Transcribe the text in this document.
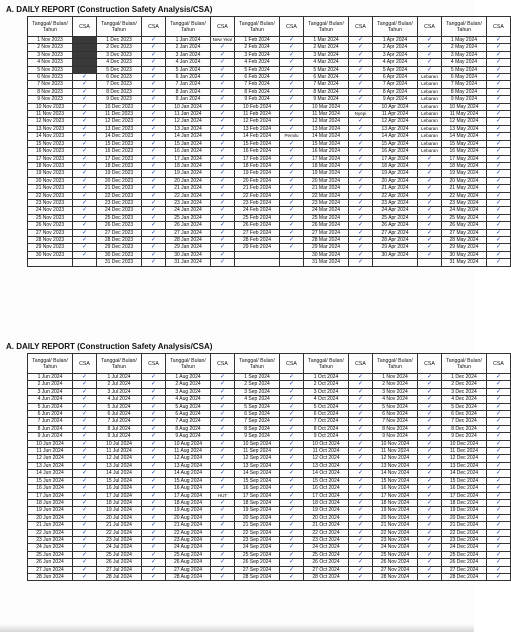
A. DAILY REPORT (Construction Safety Analysis/CSA)
Tanggal/ Bulan/ Tahun	CSA	Tanggal/ Bulan/ Tahun	CSA	Tanggal/ Bulan/ Tahun	CSA	Tanggal/ Bulan/ Tahun	CSA	Tanggal/ Bulan/ Tahun	CSA	Tanggal/ Bulan/ Tahun	CSA	Tanggal/ Bulan/ Tahun	CSA
1 Nov 2023		1 Dec 2023	✓	1 Jan 2024	New Year	1 Feb 2024	✓	1 Mar 2024	✓	1 Apr 2024	✓	1 May 2024	✓
2 Nov 2023		2 Dec 2023	✓	2 Jan 2024	✓	2 Feb 2024	✓	2 Mar 2024	✓	2 Apr 2024	✓	2 May 2024	✓
3 Nov 2023		3 Dec 2023	✓	3 Jan 2024	✓	3 Feb 2024	✓	3 Mar 2024	✓	3 Apr 2024	✓	3 May 2024	✓
4 Nov 2023		4 Dec 2023	✓	4 Jan 2024	✓	4 Feb 2024	✓	4 Mar 2024	✓	4 Apr 2024	✓	4 May 2024	✓
5 Nov 2023		5 Dec 2023	✓	5 Jan 2024	✓	5 Feb 2024	✓	5 Mar 2024	✓	5 Apr 2024	✓	5 May 2024	✓
6 Nov 2023	✓	6 Dec 2023	✓	6 Jan 2024	✓	6 Feb 2024	✓	6 Mar 2024	✓	6 Apr 2024	Lebaran	6 May 2024	✓
7 Nov 2023	✓	7 Dec 2023	✓	7 Jan 2024	✓	7 Feb 2024	✓	7 Mar 2024	✓	7 Apr 2024	Lebaran	7 May 2024	✓
8 Nov 2023	✓	8 Dec 2023	✓	8 Jan 2024	✓	8 Feb 2024	✓	8 Mar 2024	✓	8 Apr 2024	Lebaran	8 May 2024	✓
9 Nov 2023	✓	9 Dec 2023	✓	9 Jan 2024	✓	9 Feb 2024	✓	9 Mar 2024	✓	9 Apr 2024	Lebaran	9 May 2024	✓
10 Nov 2023	✓	10 Dec 2023	✓	10 Jan 2024	✓	10 Feb 2024	✓	10 Mar 2024	✓	10 Apr 2024	Lebaran	10 May 2024	✓
11 Nov 2023	✓	11 Dec 2023	✓	11 Jan 2024	✓	11 Feb 2024	✓	11 Mar 2024	Nyepi	11 Apr 2024	Lebaran	11 May 2024	✓
12 Nov 2023	✓	12 Dec 2023	✓	12 Jan 2024	✓	12 Feb 2024	✓	12 Mar 2024	✓	12 Apr 2024	Lebaran	12 May 2024	✓
13 Nov 2023	✓	13 Dec 2023	✓	13 Jan 2024	✓	13 Feb 2024	✓	13 Mar 2024	✓	13 Apr 2024	Lebaran	13 May 2024	✓
14 Nov 2023	✓	14 Dec 2023	✓	14 Jan 2024	✓	14 Feb 2024	Pemilu	14 Mar 2024	✓	14 Apr 2024	Lebaran	14 May 2024	✓
15 Nov 2023	✓	15 Dec 2023	✓	15 Jan 2024	✓	15 Feb 2024	✓	15 Mar 2024	✓	15 Apr 2024	Lebaran	15 May 2024	✓
16 Nov 2023	✓	16 Dec 2023	✓	16 Jan 2024	✓	16 Feb 2024	✓	16 Mar 2024	✓	16 Apr 2024	Lebaran	16 May 2024	✓
17 Nov 2023	✓	17 Dec 2023	✓	17 Jan 2024	✓	17 Feb 2024	✓	17 Mar 2024	✓	17 Apr 2024	✓	17 May 2024	✓
18 Nov 2023	✓	18 Dec 2023	✓	18 Jan 2024	✓	18 Feb 2024	✓	18 Mar 2024	✓	18 Apr 2024	✓	18 May 2024	✓
19 Nov 2023	✓	19 Dec 2023	✓	19 Jan 2024	✓	19 Feb 2024	✓	19 Mar 2024	✓	19 Apr 2024	✓	19 May 2024	✓
20 Nov 2023	✓	20 Dec 2023	✓	20 Jan 2024	✓	20 Feb 2024	✓	20 Mar 2024	✓	20 Apr 2024	✓	20 May 2024	✓
21 Nov 2023	✓	21 Dec 2023	✓	21 Jan 2024	✓	21 Feb 2024	✓	21 Mar 2024	✓	21 Apr 2024	✓	21 May 2024	✓
22 Nov 2023	✓	22 Dec 2023	✓	22 Jan 2024	✓	22 Feb 2024	✓	22 Mar 2024	✓	22 Apr 2024	✓	22 May 2024	✓
23 Nov 2023	✓	23 Dec 2023	✓	23 Jan 2024	✓	23 Feb 2024	✓	23 Mar 2024	✓	23 Apr 2024	✓	23 May 2024	✓
24 Nov 2023	✓	24 Dec 2023	✓	24 Jan 2024	✓	24 Feb 2024	✓	24 Mar 2024	✓	24 Apr 2024	✓	24 May 2024	✓
25 Nov 2023	✓	25 Dec 2023	✓	25 Jan 2024	✓	25 Feb 2024	✓	25 Mar 2024	✓	25 Apr 2024	✓	25 May 2024	✓
26 Nov 2023	✓	26 Dec 2023	✓	26 Jan 2024	✓	26 Feb 2024	✓	26 Mar 2024	✓	26 Apr 2024	✓	26 May 2024	✓
27 Nov 2023	✓	27 Dec 2023	✓	27 Jan 2024	✓	27 Feb 2024	✓	27 Mar 2024	✓	27 Apr 2024	✓	27 May 2024	✓
28 Nov 2023	✓	28 Dec 2023	✓	28 Jan 2024	✓	28 Feb 2024	✓	28 Mar 2024	✓	28 Apr 2024	✓	28 May 2024	✓
29 Nov 2023	✓	29 Dec 2023	✓	29 Jan 2024	✓	29 Feb 2024	✓	29 Mar 2024	✓	29 Apr 2024	✓	29 May 2024	✓
30 Nov 2023	✓	30 Dec 2023	✓	30 Jan 2024	✓			30 Mar 2024	✓	30 Apr 2024	✓	30 May 2024	✓
		31 Dec 2023	✓	31 Jan 2024	✓			31 Mar 2024	✓			31 May 2024	✓
A. DAILY REPORT (Construction Safety Analysis/CSA)
Tanggal/ Bulan/ Tahun	CSA	Tanggal/ Bulan/ Tahun	CSA	Tanggal/ Bulan/ Tahun	CSA	Tanggal/ Bulan/ Tahun	CSA	Tanggal/ Bulan/ Tahun	CSA	Tanggal/ Bulan/ Tahun	CSA	Tanggal/ Bulan/ Tahun	CSA
1 Jun 2024	✓	1 Jul 2024	✓	1 Aug 2024	✓	1 Sep 2024	✓	1 Oct 2024	✓	1 Nov 2024	✓	1 Dec 2024	✓
2 Jun 2024	✓	2 Jul 2024	✓	2 Aug 2024	✓	2 Sep 2024	✓	2 Oct 2024	✓	2 Nov 2024	✓	2 Dec 2024	✓
3 Jun 2024	✓	3 Jul 2024	✓	3 Aug 2024	✓	3 Sep 2024	✓	3 Oct 2024	✓	3 Nov 2024	✓	3 Dec 2024	✓
4 Jun 2024	✓	4 Jul 2024	✓	4 Aug 2024	✓	4 Sep 2024	✓	4 Oct 2024	✓	4 Nov 2024	✓	4 Dec 2024	✓
5 Jun 2024	✓	5 Jul 2024	✓	5 Aug 2024	✓	5 Sep 2024	✓	5 Oct 2024	✓	5 Nov 2024	✓	5 Dec 2024	✓
6 Jun 2024	✓	6 Jul 2024	✓	6 Aug 2024	✓	6 Sep 2024	✓	6 Oct 2024	✓	6 Nov 2024	✓	6 Dec 2024	✓
7 Jun 2024	✓	7 Jul 2024	✓	7 Aug 2024	✓	7 Sep 2024	✓	7 Oct 2024	✓	7 Nov 2024	✓	7 Dec 2024	✓
8 Jun 2024	✓	8 Jul 2024	✓	8 Aug 2024	✓	8 Sep 2024	✓	8 Oct 2024	✓	8 Nov 2024	✓	8 Dec 2024	✓
9 Jun 2024	✓	9 Jul 2024	✓	9 Aug 2024	✓	9 Sep 2024	✓	9 Oct 2024	✓	9 Nov 2024	✓	9 Dec 2024	✓
10 Jun 2024	✓	10 Jul 2024	✓	10 Aug 2024	✓	10 Sep 2024	✓	10 Oct 2024	✓	10 Nov 2024	✓	10 Dec 2024	✓
11 Jun 2024	✓	11 Jul 2024	✓	11 Aug 2024	✓	11 Sep 2024	✓	11 Oct 2024	✓	11 Nov 2024	✓	11 Dec 2024	✓
12 Jun 2024	✓	12 Jul 2024	✓	12 Aug 2024	✓	12 Sep 2024	✓	12 Oct 2024	✓	12 Nov 2024	✓	12 Dec 2024	✓
13 Jun 2024	✓	13 Jul 2024	✓	13 Aug 2024	✓	13 Sep 2024	✓	13 Oct 2024	✓	13 Nov 2024	✓	13 Dec 2024	✓
14 Jun 2024	✓	14 Jul 2024	✓	14 Aug 2024	✓	14 Sep 2024	✓	14 Oct 2024	✓	14 Nov 2024	✓	14 Dec 2024	✓
15 Jun 2024	✓	15 Jul 2024	✓	15 Aug 2024	✓	15 Sep 2024	✓	15 Oct 2024	✓	15 Nov 2024	✓	15 Dec 2024	✓
16 Jun 2024	✓	16 Jul 2024	✓	16 Aug 2024	✓	16 Sep 2024	✓	16 Oct 2024	✓	16 Nov 2024	✓	16 Dec 2024	✓
17 Jun 2024	✓	17 Jul 2024	✓	17 Aug 2024	HUT	17 Sep 2024	✓	17 Oct 2024	✓	17 Nov 2024	✓	17 Dec 2024	✓
18 Jun 2024	✓	18 Jul 2024	✓	18 Aug 2024	✓	18 Sep 2024	✓	18 Oct 2024	✓	18 Nov 2024	✓	18 Dec 2024	✓
19 Jun 2024	✓	19 Jul 2024	✓	19 Aug 2024	✓	19 Sep 2024	✓	19 Oct 2024	✓	19 Nov 2024	✓	19 Dec 2024	✓
20 Jun 2024	✓	20 Jul 2024	✓	20 Aug 2024	✓	20 Sep 2024	✓	20 Oct 2024	✓	20 Nov 2024	✓	20 Dec 2024	✓
21 Jun 2024	✓	21 Jul 2024	✓	21 Aug 2024	✓	21 Sep 2024	✓	21 Oct 2024	✓	21 Nov 2024	✓	21 Dec 2024	✓
22 Jun 2024	✓	22 Jul 2024	✓	22 Aug 2024	✓	22 Sep 2024	✓	22 Oct 2024	✓	22 Nov 2024	✓	22 Dec 2024	✓
23 Jun 2024	✓	23 Jul 2024	✓	23 Aug 2024	✓	23 Sep 2024	✓	23 Oct 2024	✓	23 Nov 2024	✓	23 Dec 2024	✓
24 Jun 2024	✓	24 Jul 2024	✓	24 Aug 2024	✓	24 Sep 2024	✓	24 Oct 2024	✓	24 Nov 2024	✓	24 Dec 2024	✓
25 Jun 2024	✓	25 Jul 2024	✓	25 Aug 2024	✓	25 Sep 2024	✓	25 Oct 2024	✓	25 Nov 2024	✓	25 Dec 2024	✓
26 Jun 2024	✓	26 Jul 2024	✓	26 Aug 2024	✓	26 Sep 2024	✓	26 Oct 2024	✓	26 Nov 2024	✓	26 Dec 2024	✓
27 Jun 2024	✓	27 Jul 2024	✓	27 Aug 2024	✓	27 Sep 2024	✓	27 Oct 2024	✓	27 Nov 2024	✓	27 Dec 2024	✓
28 Jun 2024	✓	28 Jul 2024	✓	28 Aug 2024	✓	28 Sep 2024	✓	28 Oct 2024	✓	28 Nov 2024	✓	28 Dec 2024	✓
